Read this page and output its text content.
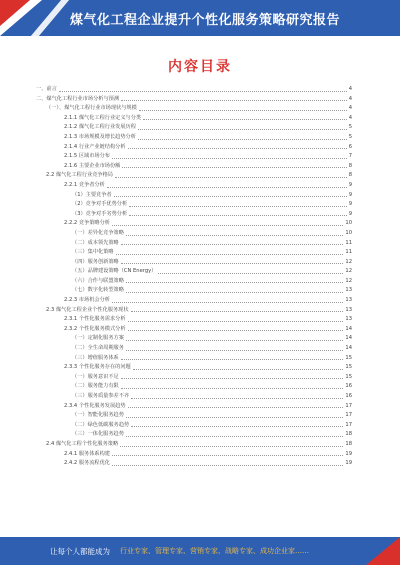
煤气化工程企业提升个性化服务策略研究报告
内容目录
一、前言	4
二、煤气化工程行业市场分析与预测	4
（一）、煤气化工程行业市场现状与规模	4
2.1.1 煤气化工程行业定义与分类	4
2.1.2 煤气化工程行业发展历程	5
2.1.3 市场规模及增长趋势分析	5
2.1.4 行业产业链结构分析	6
2.1.5 区域市场分布	7
2.1.6 主要企业市场份额	8
2.2 煤气化工程行业竞争格局	8
2.2.1 竞争者分析	9
（1）主要竞争者	9
（2）竞争对手优势分析	9
（3）竞争对手劣势分析	9
2.2.2 竞争策略分析	10
（一）差异化竞争策略	10
（二）成本领先策略	11
（三）集中化策略	11
（四）服务创新策略	12
（五）品牌建设策略（CN Energy）	12
（六）合作与联盟策略	12
（七）数字化转型策略	13
2.2.3 市场机会分析	13
2.3 煤气化工程企业个性化服务现状	13
2.3.1 个性化服务需求分析	13
2.3.2 个性化服务模式分析	14
（一）定制化服务方案	14
（二）全生命周期服务	14
（三）增值服务体系	15
2.3.3 个性化服务存在的问题	15
（一）服务意识不足	15
（二）服务能力有限	16
（三）服务质量参差不齐	16
2.3.4 个性化服务发展趋势	17
（一）智能化服务趋势	17
（二）绿色低碳服务趋势	17
（三）一体化服务趋势	18
2.4 煤气化工程个性化服务策略	18
2.4.1 服务体系构建	19
2.4.2 服务流程优化	19
让每个人都能成为 行业专家、管理专家、营销专家、战略专家、成功企业家……
